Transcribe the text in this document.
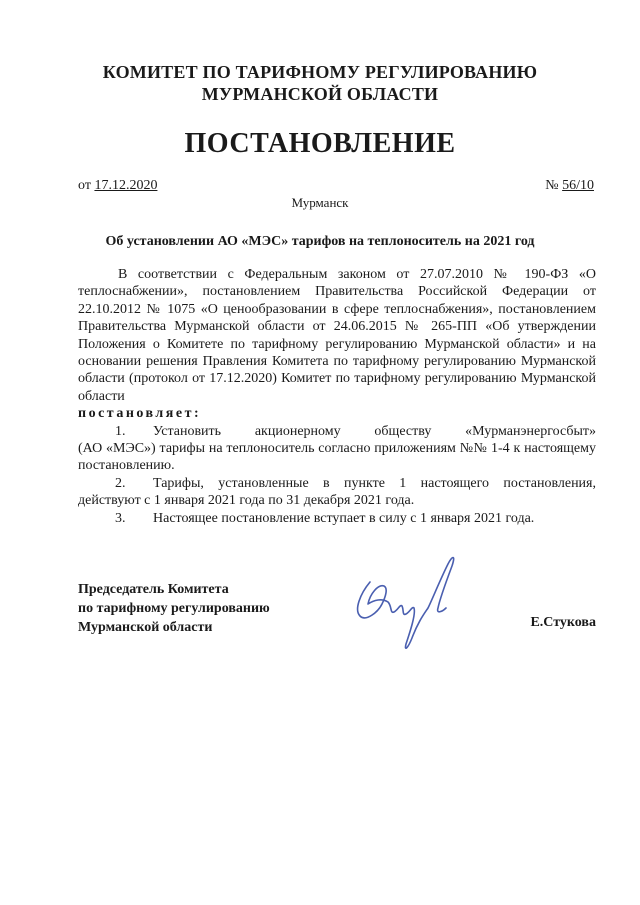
КОМИТЕТ ПО ТАРИФНОМУ РЕГУЛИРОВАНИЮ
МУРМАНСКОЙ ОБЛАСТИ
ПОСТАНОВЛЕНИЕ
от 17.12.2020	№ 56/10
Мурманск
Об установлении АО «МЭС» тарифов на теплоноситель на 2021 год

В соответствии с Федеральным законом от 27.07.2010 № 190-ФЗ «О теплоснабжении», постановлением Правительства Российской Федерации от 22.10.2012 № 1075 «О ценообразовании в сфере теплоснабжения», постановлением Правительства Мурманской области от 24.06.2015 № 265-ПП «Об утверждении Положения о Комитете по тарифному регулированию Мурманской области» и на основании решения Правления Комитета по тарифному регулированию Мурманской области (протокол от 17.12.2020) Комитет по тарифному регулированию Мурманской области

постановляет:

1.	Установить акционерному обществу «Мурманэнергосбыт»

(АО «МЭС») тарифы на теплоноситель согласно приложениям №№ 1-4 к настоящему постановлению.

2.	Тарифы, установленные в пункте 1 настоящего постановления,

действуют с 1 января 2021 года по 31 декабря 2021 года.

3.	Настоящее постановление вступает в силу с 1 января 2021 года.
Председатель Комитета
по тарифному регулированию
Мурманской области	Е.Стукова
